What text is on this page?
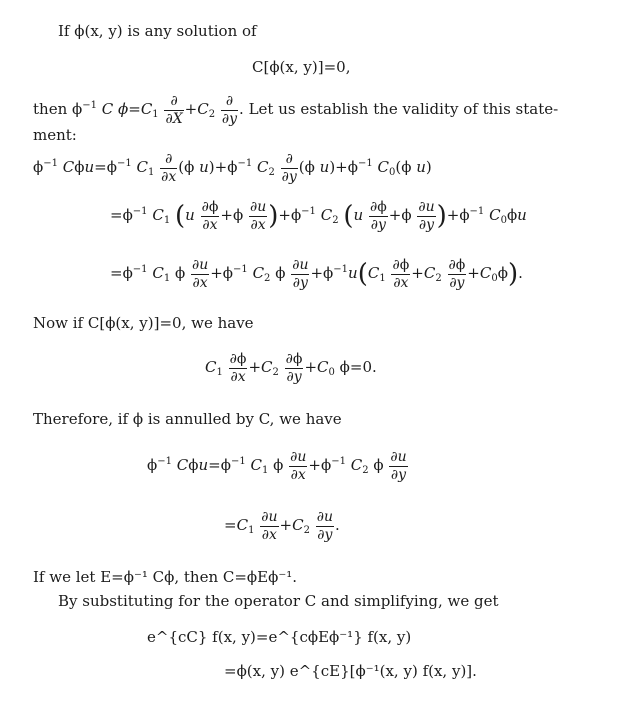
If ϕ(x, y) is any solution of
C[ϕ(x, y)]=0,
then $\phi^{-1}$ C $\phi=C_1 \frac{\partial}{\partial X} +C_2 \frac{\partial}{\partial y}$ . Let us establish the validity of this state-
ment:
$\phi^{-1}$ $C\phi u=\phi^{-1}$ $C_1 \frac{\partial}{\partial x} (\phi$ $u)+\phi^{-1}$ $C_2 \frac{\partial}{\partial y} (\phi$ $u)+\phi^{-1}$ $C_0(\phi$ u)
$=\phi^{-1}$ $C_1$ $(u \frac{\partial\phi}{\partial x} +\phi \frac{\partial u}{\partial x} )+\phi^{-1}$ $C_2$ $(u \frac{\partial\phi}{\partial y} +\phi \frac{\partial u}{\partial y} )+\phi^{-1}$ $C_0\phi u$
$=\phi^{-1}$ $C_1$ ϕ $\frac{\partial u}{\partial x} +\phi^{-1}$ $C_2$ ϕ $\frac{\partial u}{\partial y} +\phi^{-1}u(C_1 \frac{\partial\phi}{\partial x} +C_2 \frac{\partial\phi}{\partial y} +C_0\phi)$.
Now if C[ϕ(x, y)]=0, we have
$C_1 \frac{\partial\phi}{\partial x} +C_2 \frac{\partial\phi}{\partial y} +C_0$ ϕ=0.
Therefore, if ϕ is annulled by C, we have
$\phi^{-1}$ $C\phi u=\phi^{-1}$ $C_1$ ϕ $\frac{\partial u}{\partial x} +\phi^{-1}$ $C_2$ ϕ $\frac{\partial u}{\partial y}$
$=C_1 \frac{\partial u}{\partial x} +C_2 \frac{\partial u}{\partial y}$ .
If we let E=ϕ⁻¹ Cϕ, then C=ϕEϕ⁻¹.
By substituting for the operator C and simplifying, we get
e^{cC} f(x, y)=e^{cϕEϕ⁻¹} f(x, y)
=ϕ(x, y) e^{cE}[ϕ⁻¹(x, y) f(x, y)].
